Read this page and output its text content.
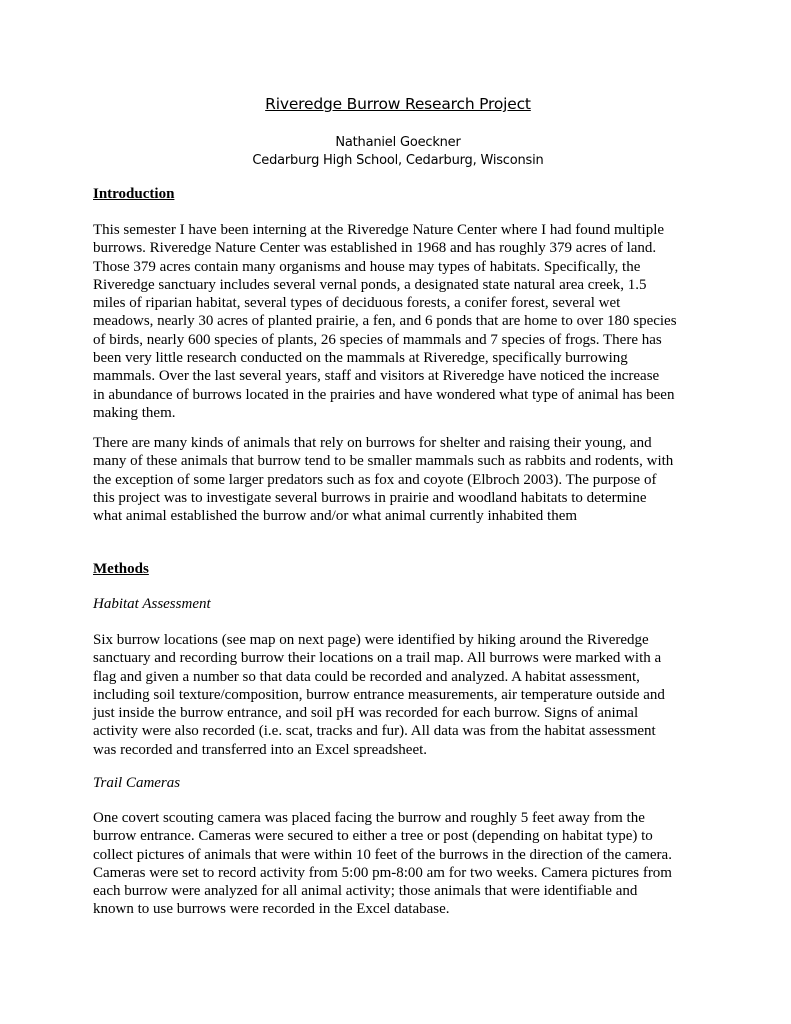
Riveredge Burrow Research Project
Nathaniel Goeckner
Cedarburg High School, Cedarburg, Wisconsin
Introduction

This semester I have been interning at the Riveredge Nature Center where I had found multiple
burrows. Riveredge Nature Center was established in 1968 and has roughly 379 acres of land.
Those 379 acres contain many organisms and house may types of habitats. Specifically, the
Riveredge sanctuary includes several vernal ponds, a designated state natural area creek, 1.5
miles of riparian habitat, several types of deciduous forests, a conifer forest, several wet
meadows, nearly 30 acres of planted prairie, a fen, and 6 ponds that are home to over 180 species
of birds, nearly 600 species of plants, 26 species of mammals and 7 species of frogs. There has
been very little research conducted on the mammals at Riveredge, specifically burrowing
mammals. Over the last several years, staff and visitors at Riveredge have noticed the increase
in abundance of burrows located in the prairies and have wondered what type of animal has been
making them.

There are many kinds of animals that rely on burrows for shelter and raising their young, and
many of these animals that burrow tend to be smaller mammals such as rabbits and rodents, with
the exception of some larger predators such as fox and coyote (Elbroch 2003). The purpose of
this project was to investigate several burrows in prairie and woodland habitats to determine
what animal established the burrow and/or what animal currently inhabited them

Methods
Habitat Assessment

Six burrow locations (see map on next page) were identified by hiking around the Riveredge
sanctuary and recording burrow their locations on a trail map. All burrows were marked with a
flag and given a number so that data could be recorded and analyzed. A habitat assessment,
including soil texture/composition, burrow entrance measurements, air temperature outside and
just inside the burrow entrance, and soil pH was recorded for each burrow. Signs of animal
activity were also recorded (i.e. scat, tracks and fur). All data was from the habitat assessment
was recorded and transferred into an Excel spreadsheet.

Trail Cameras

One covert scouting camera was placed facing the burrow and roughly 5 feet away from the
burrow entrance. Cameras were secured to either a tree or post (depending on habitat type) to
collect pictures of animals that were within 10 feet of the burrows in the direction of the camera.
Cameras were set to record activity from 5:00 pm-8:00 am for two weeks. Camera pictures from
each burrow were analyzed for all animal activity; those animals that were identifiable and
known to use burrows were recorded in the Excel database.
